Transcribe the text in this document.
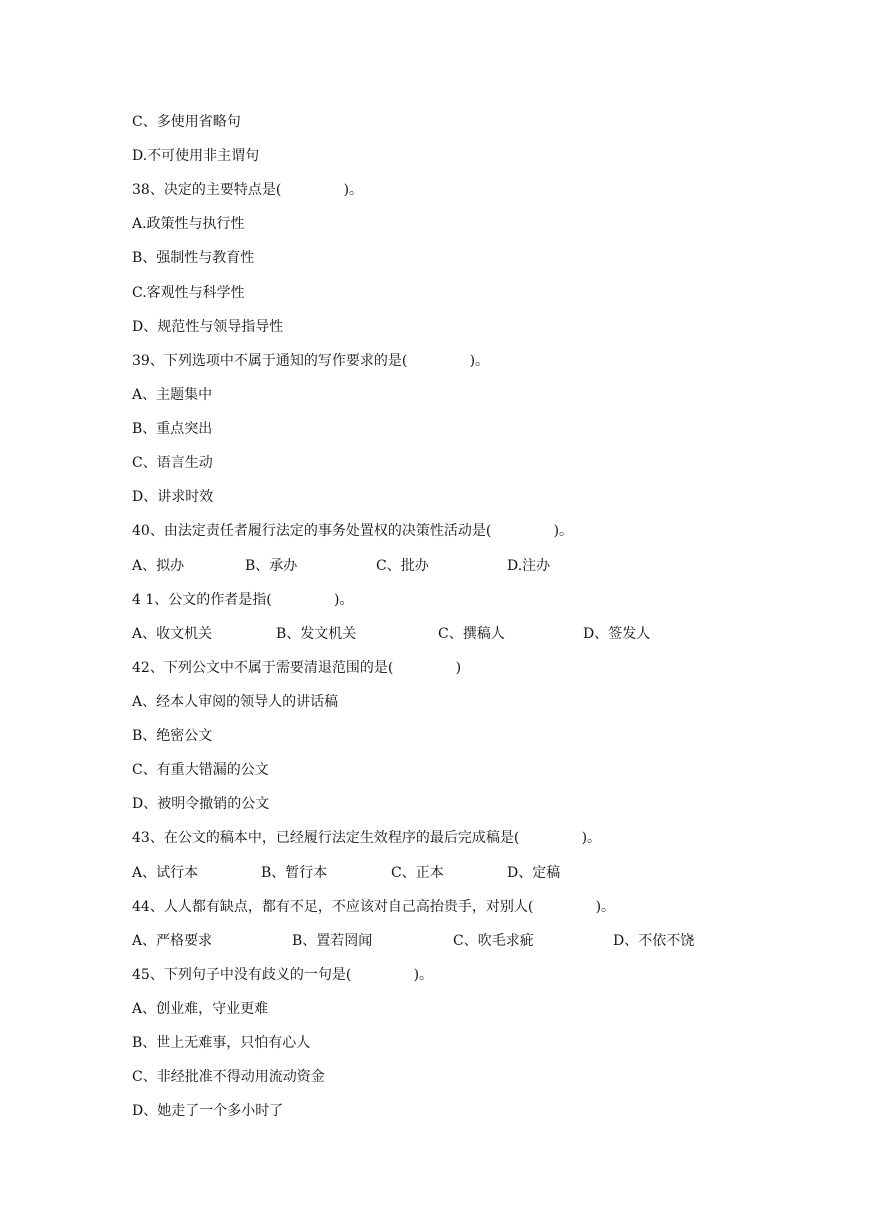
C、多使用省略句
D.不可使用非主谓句
38、决定的主要特点是(              )。
A.政策性与执行性
B、强制性与教育性
C.客观性与科学性
D、规范性与领导指导性
39、下列选项中不属于通知的写作要求的是(              )。
A、主题集中
B、重点突出
C、语言生动
D、讲求时效
40、由法定责任者履行法定的事务处置权的决策性活动是(              )。
A、拟办	B、承办	C、批办	D.注办
4 1、公文的作者是指(              )。
A、收文机关	B、发文机关	C、撰稿人	D、签发人
42、下列公文中不属于需要清退范围的是(              )
A、经本人审阅的领导人的讲话稿
B、绝密公文
C、有重大错漏的公文
D、被明令撤销的公文
43、在公文的稿本中，已经履行法定生效程序的最后完成稿是(              )。
A、试行本	B、暂行本	C、正本	D、定稿
44、人人都有缺点，都有不足，不应该对自己高抬贵手，对别人(              )。
A、严格要求	B、置若罔闻	C、吹毛求疵	D、不依不饶
45、下列句子中没有歧义的一句是(              )。
A、创业难，守业更难
B、世上无难事，只怕有心人
C、非经批准不得动用流动资金
D、她走了一个多小时了
